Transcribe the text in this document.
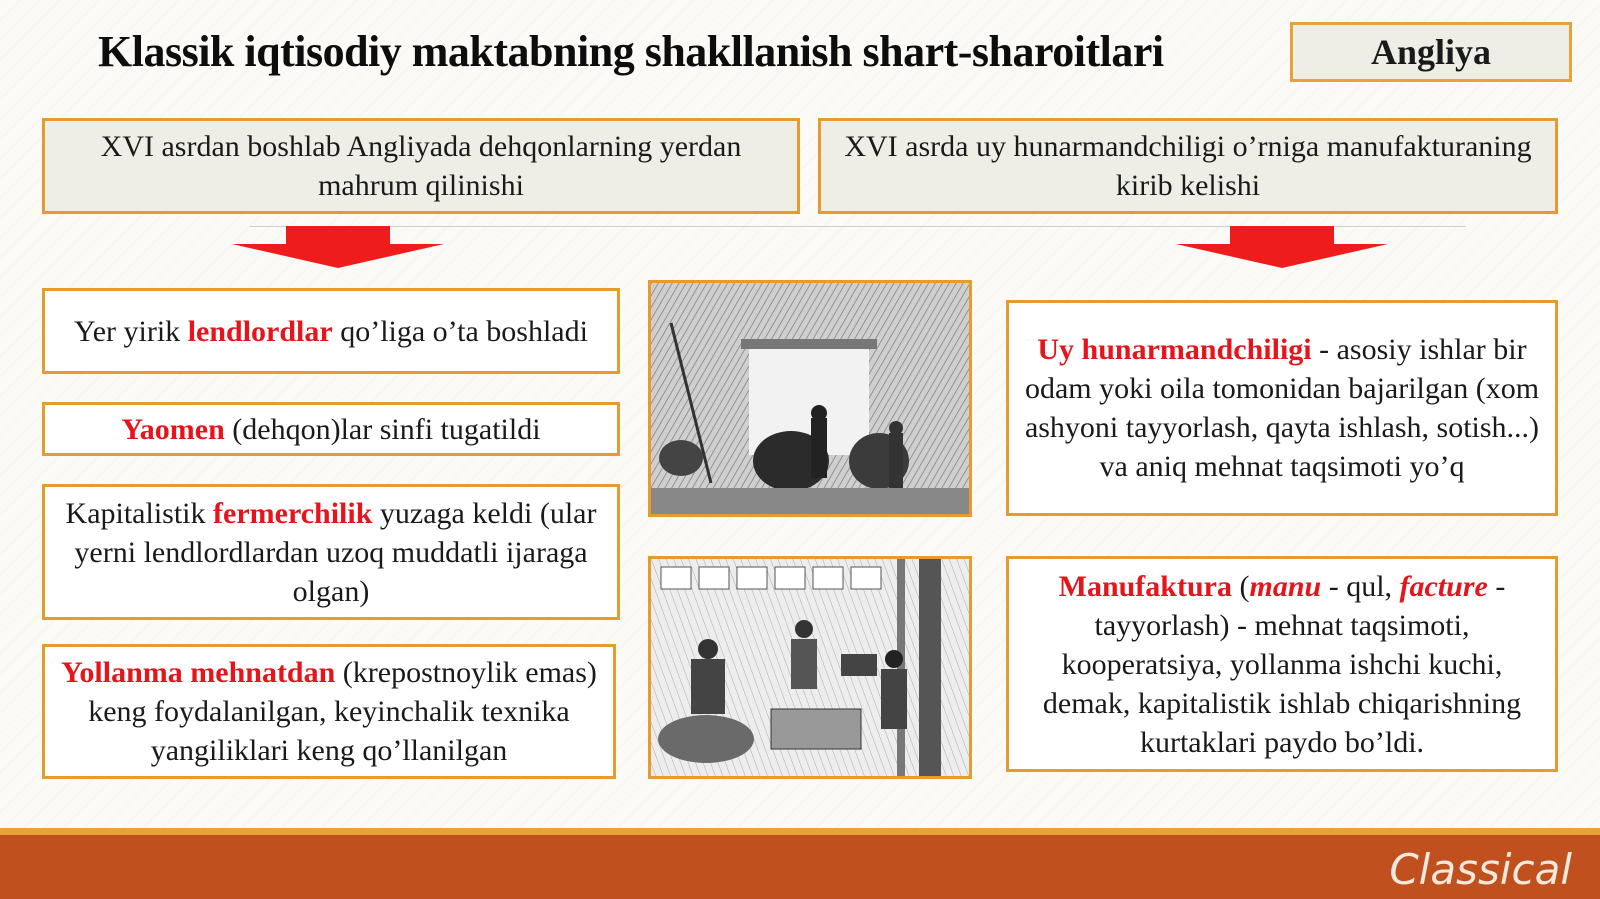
Klassik iqtisodiy maktabning shakllanish shart-sharoitlari	Angliya
XVI asrdan boshlab Angliyada dehqonlarning yerdan mahrum qilinishi
XVI asrda uy hunarmandchiligi o’rniga manufakturaning kirib kelishi
Yer yirik lendlordlar qo’liga o’ta boshladi
Yaomen (dehqon)lar sinfi tugatildi
Kapitalistik fermerchilik yuzaga keldi (ular yerni lendlordlardan uzoq muddatli ijaraga olgan)
Yollanma mehnatdan (krepostnoylik emas) keng foydalanilgan, keyinchalik texnika yangiliklari keng qo’llanilgan
Uy hunarmandchiligi - asosiy ishlar bir odam yoki oila tomonidan bajarilgan (xom ashyoni tayyorlash, qayta ishlash, sotish...) va aniq mehnat taqsimoti yo’q
Manufaktura (manu - qul, facture - tayyorlash) - mehnat taqsimoti, kooperatsiya, yollanma ishchi kuchi, demak, kapitalistik ishlab chiqarishning kurtaklari paydo bo’ldi.
Classical
